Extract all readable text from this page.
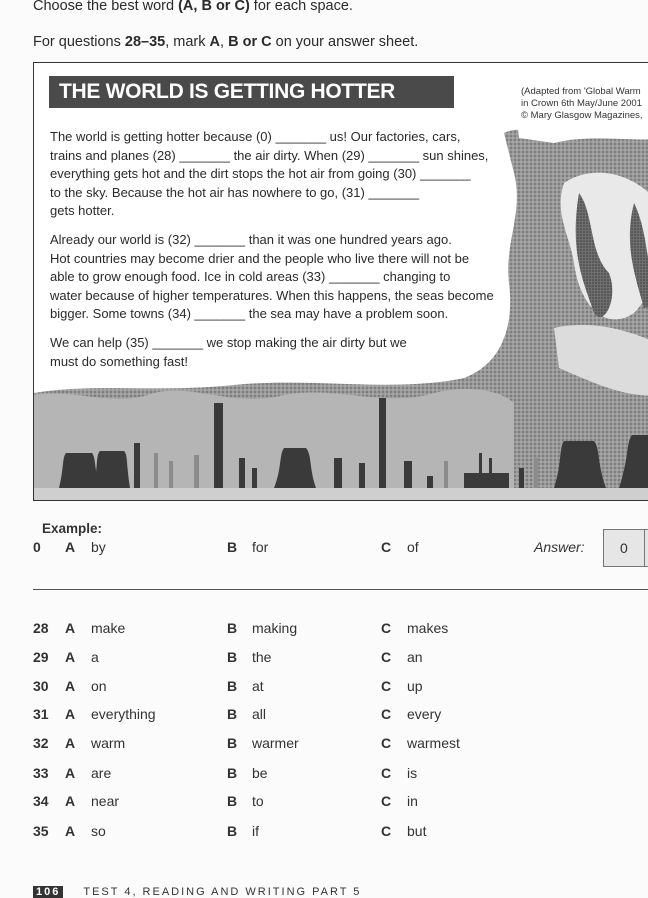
Choose the best word (A, B or C) for each space.
For questions 28–35, mark A, B or C on your answer sheet.
THE WORLD IS GETTING HOTTER	(Adapted from 'Global Warm
in Crown 6th May/June 2001
© Mary Glasgow Magazines,
The world is getting hotter because (0) _______ us! Our factories, cars,
trains and planes (28) _______ the air dirty. When (29) _______ sun shines,
everything gets hot and the dirt stops the hot air from going (30) _______
to the sky. Because the hot air has nowhere to go, (31) _______
gets hotter.
Already our world is (32) _______ than it was one hundred years ago.
Hot countries may become drier and the people who live there will not be
able to grow enough food. Ice in cold areas (33) _______ changing to
water because of higher temperatures. When this happens, the seas become
bigger. Some towns (34) _______ the sea may have a problem soon.
We can help (35) _______ we stop making the air dirty but we
must do something fast!
Example:
0 A by	B for	C of	Answer:	0
28 A make	B making	C makes
29 A a	B the	C an
30 A on	B at	C up
31 A everything	B all	C every
32 A warm	B warmer	C warmest
33 A are	B be	C is
34 A near	B to	C in
35 A so	B if	C but
106 TEST 4, READING AND WRITING PART 5
